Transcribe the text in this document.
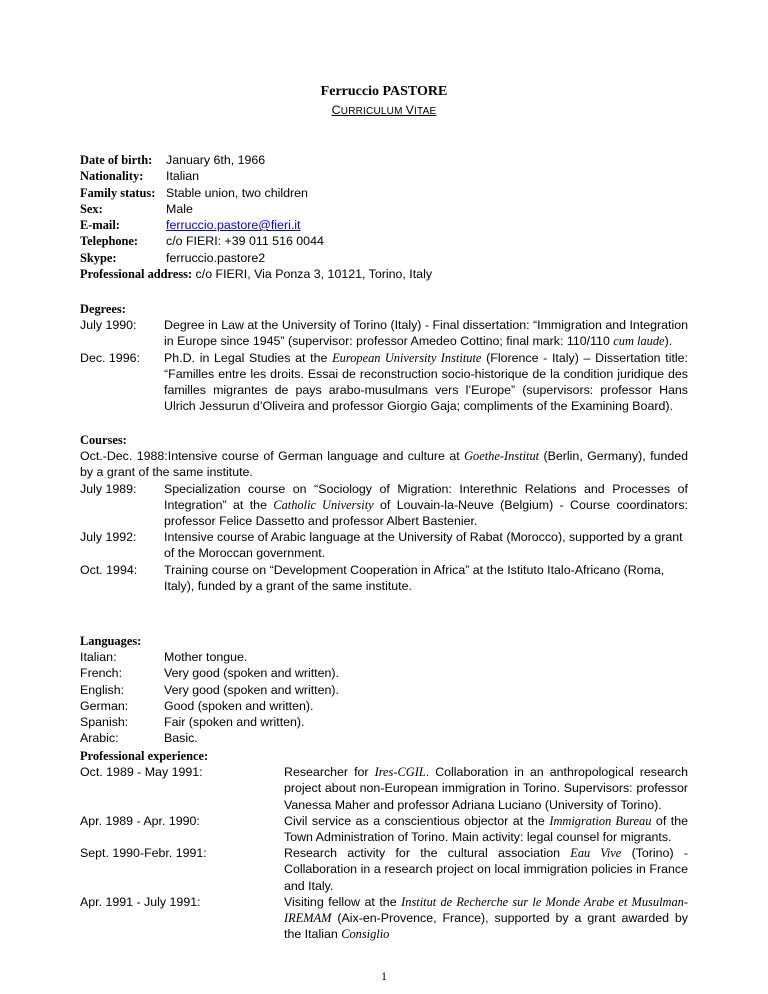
Ferruccio PASTORE
CURRICULUM VITAE
Date of birth:	January 6th, 1966
Nationality:	Italian
Family status: Stable union, two children
Sex:	Male
E-mail:	ferruccio.pastore@fieri.it
Telephone:	c/o FIERI: +39 011 516 0044
Skype:	ferruccio.pastore2
Professional address: c/o FIERI, Via Ponza 3, 10121, Torino, Italy
Degrees:
July 1990:	Degree in Law at the University of Torino (Italy) - Final dissertation: “Immigration and Integration in Europe since 1945” (supervisor: professor Amedeo Cottino; final mark: 110/110 cum laude).
Dec. 1996:	Ph.D. in Legal Studies at the European University Institute (Florence - Italy) – Dissertation title: “Familles entre les droits. Essai de reconstruction socio-historique de la condition juridique des familles migrantes de pays arabo-musulmans vers l’Europe” (supervisors: professor Hans Ulrich Jessurun d’Oliveira and professor Giorgio Gaja; compliments of the Examining Board).
Courses:
Oct.-Dec. 1988:Intensive course of German language and culture at Goethe-Institut (Berlin, Germany), funded by a grant of the same institute.
July 1989:	Specialization course on “Sociology of Migration: Interethnic Relations and Processes of Integration” at the Catholic University of Louvain-la-Neuve (Belgium) - Course coordinators: professor Felice Dassetto and professor Albert Bastenier.
July 1992:	Intensive course of Arabic language at the University of Rabat (Morocco), supported by a grant of the Moroccan government.
Oct. 1994:	Training course on “Development Cooperation in Africa” at the Istituto Italo-Africano (Roma, Italy), funded by a grant of the same institute.
Languages:
Italian:	Mother tongue.
French:	Very good (spoken and written).
English:	Very good (spoken and written).
German:	Good (spoken and written).
Spanish:	Fair (spoken and written).
Arabic:	Basic.
Professional experience:
Oct. 1989 - May 1991:	Researcher for Ires-CGIL. Collaboration in an anthropological research project about non-European immigration in Torino. Supervisors: professor Vanessa Maher and professor Adriana Luciano (University of Torino).
Apr. 1989 - Apr. 1990:	Civil service as a conscientious objector at the Immigration Bureau of the Town Administration of Torino. Main activity: legal counsel for migrants.
Sept. 1990-Febr. 1991:	Research activity for the cultural association Eau Vive (Torino) - Collaboration in a research project on local immigration policies in France and Italy.
Apr. 1991 - July 1991:	Visiting fellow at the Institut de Recherche sur le Monde Arabe et Musulman-IREMAM (Aix-en-Provence, France), supported by a grant awarded by the Italian Consiglio
1
